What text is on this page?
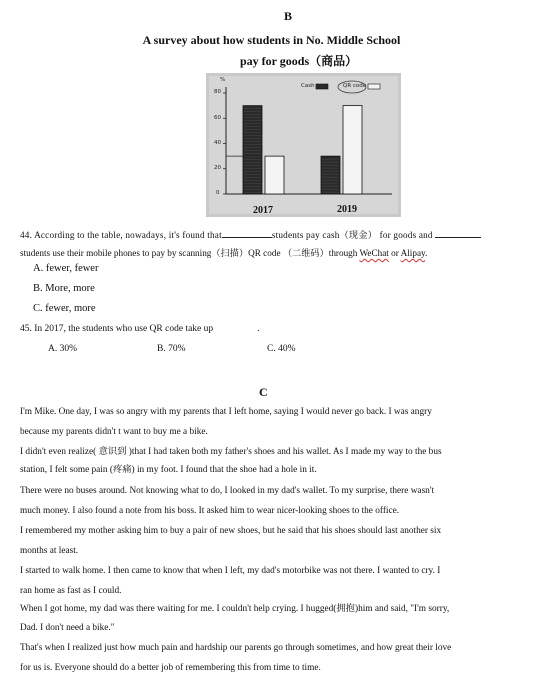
B
A survey about how students in No. Middle School
pay for goods（商品）
%
80
60
40
20
0
2017	2019
Cash	QR code
44. According to the table, nowadays, it's found that	students pay cash（现金） for goods and
students use their mobile phones to pay by scanning（扫描）QR code （二维码）through WeChat or Alipay.
A. fewer, fewer
B. More, more
C. fewer, more
45. In 2017, the students who use QR code take up	.
A. 30%	B. 70%	C. 40%
C
I'm Mike. One day, I was so angry with my parents that I left home, saying I would never go back. I was angry
because my parents didn't t want to buy me a bike.
I didn't even realize( 意识到 )that I had taken both my father's shoes and his wallet. As I made my way to the bus
station, I felt some pain (疼痛) in my foot. I found that the shoe had a hole in it.
There were no buses around. Not knowing what to do, I looked in my dad's wallet. To my surprise, there wasn't
much money. I also found a note from his boss. It asked him to wear nicer-looking shoes to the office.
I remembered my mother asking him to buy a pair of new shoes, but he said that his shoes should last another six
months at least.
I started to walk home. I then came to know that when I left, my dad's motorbike was not there. I wanted to cry. I
ran home as fast as I could.
When I got home, my dad was there waiting for me. I couldn't help crying. I hugged(拥抱)him and said, "I'm sorry,
Dad. I don't need a bike."
That's when I realized just how much pain and hardship our parents go through sometimes, and how great their love
for us is. Everyone should do a better job of remembering this from time to time.
